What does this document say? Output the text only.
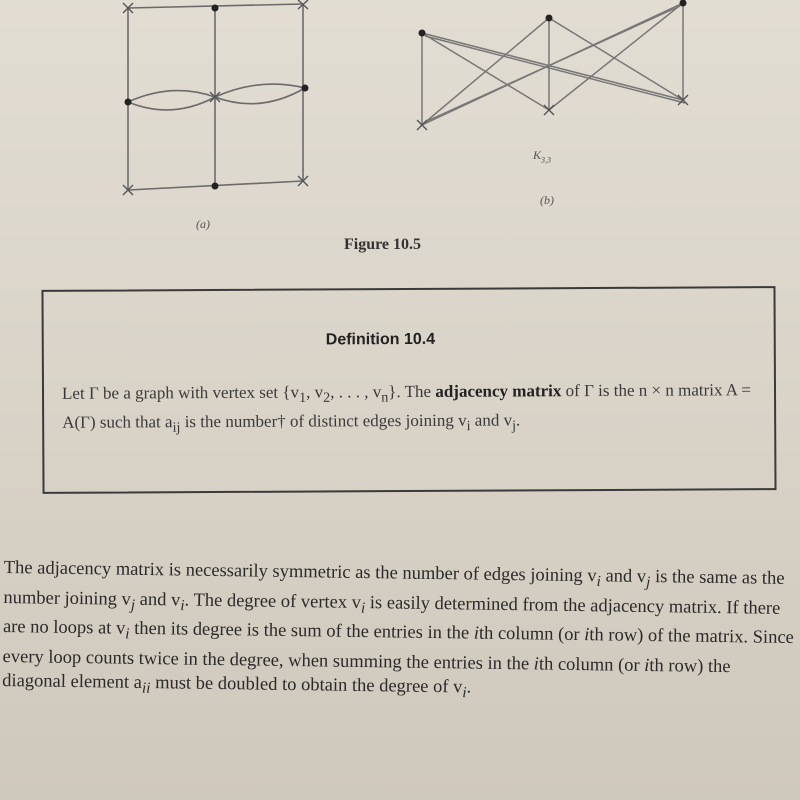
$K_{3,3}$
(a)
(b)
Figure 10.5
Definition 10.4
Let Γ be a graph with vertex set {$v_1$, $v_2$, . . . , $v_n$}. The adjacency matrix of Γ is the n × n matrix A = A(Γ) such that $a_{ij}$ is the number† of distinct edges joining $v_i$ and $v_j$.
The adjacency matrix is necessarily symmetric as the number of edges joining $v_i$ and $v_j$ is the same as the number joining $v_j$ and $v_i$. The degree of vertex $v_i$ is easily determined from the adjacency matrix. If there are no loops at $v_i$ then its degree is the sum of the entries in the ith column (or ith row) of the matrix. Since every loop counts twice in the degree, when summing the entries in the ith column (or ith row) the diagonal element $a_{ii}$ must be doubled to obtain the degree of $v_i$.
